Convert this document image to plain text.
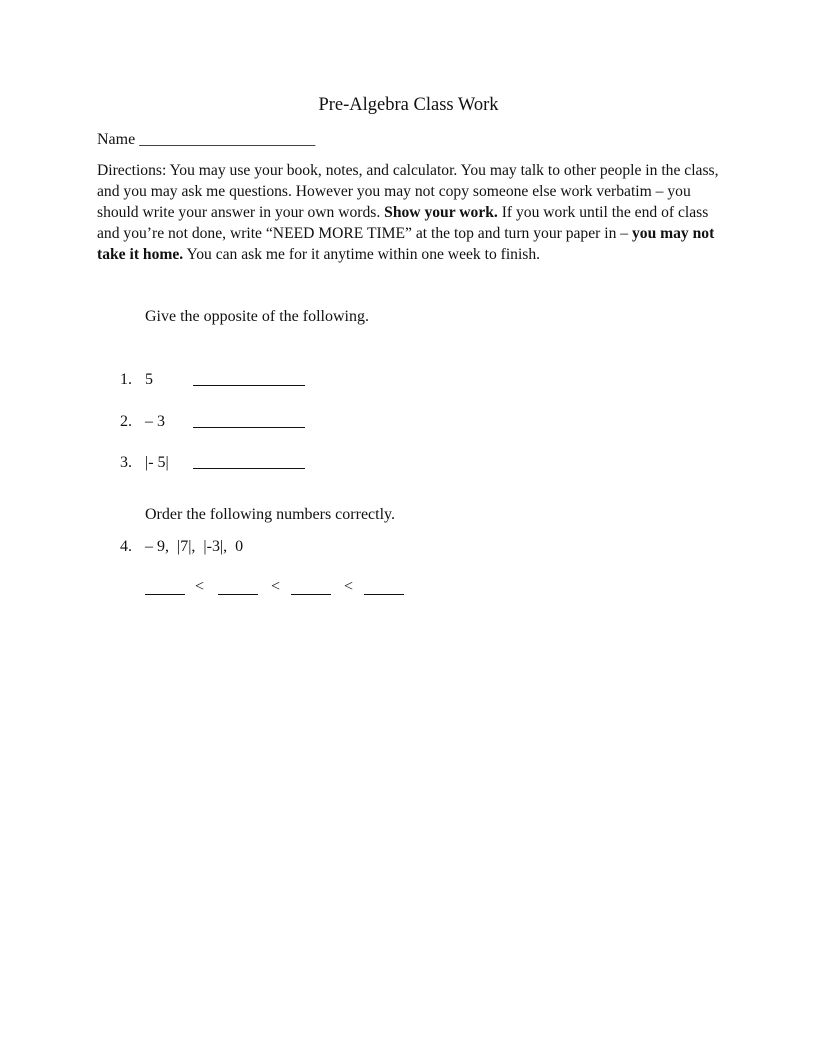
Pre-Algebra Class Work
Name ______________________

Directions: You may use your book, notes, and calculator. You may talk to other people in the class, and you may ask me questions. However you may not copy someone else work verbatim – you should write your answer in your own words. Show your work. If you work until the end of class and you’re not done, write “NEED MORE TIME” at the top and turn your paper in – you may not take it home. You can ask me for it anytime within one week to finish.

Give the opposite of the following.
1. 5
2. – 3
3. |- 5|
Order the following numbers correctly.
4. – 9,  |7|,  |-3|,  0
<	<	<
